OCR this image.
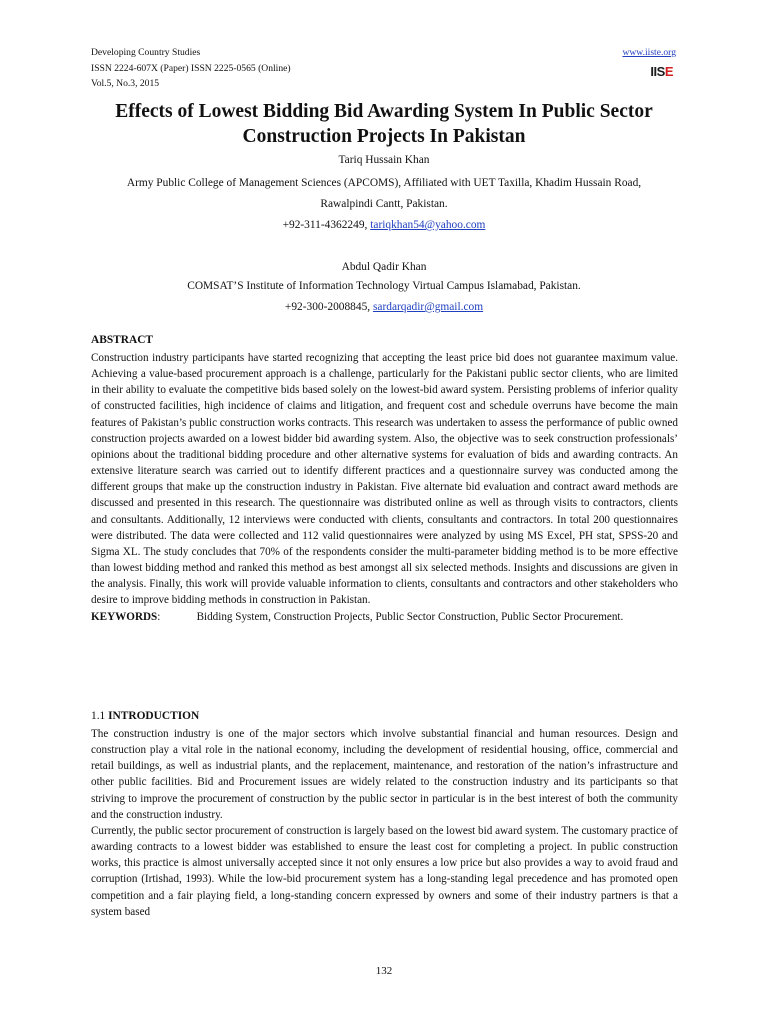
Developing Country Studies
ISSN 2224-607X (Paper) ISSN 2225-0565 (Online)
Vol.5, No.3, 2015
www.iiste.org
IISE
Effects of Lowest Bidding Bid Awarding System In Public Sector Construction Projects In Pakistan
Tariq Hussain Khan
Army Public College of Management Sciences (APCOMS), Affiliated with UET Taxilla, Khadim Hussain Road,
Rawalpindi Cantt, Pakistan.
+92-311-4362249, tariqkhan54@yahoo.com
Abdul Qadir Khan
COMSAT’S Institute of Information Technology Virtual Campus Islamabad, Pakistan.
+92-300-2008845, sardarqadir@gmail.com
ABSTRACT

Construction industry participants have started recognizing that accepting the least price bid does not guarantee maximum value. Achieving a value-based procurement approach is a challenge, particularly for the Pakistani public sector clients, who are limited in their ability to evaluate the competitive bids based solely on the lowest-bid award system. Persisting problems of inferior quality of constructed facilities, high incidence of claims and litigation, and frequent cost and schedule overruns have become the main features of Pakistan’s public construction works contracts. This research was undertaken to assess the performance of public owned construction projects awarded on a lowest bidder bid awarding system. Also, the objective was to seek construction professionals’ opinions about the traditional bidding procedure and other alternative systems for evaluation of bids and awarding contracts. An extensive literature search was carried out to identify different practices and a questionnaire survey was conducted among the different groups that make up the construction industry in Pakistan. Five alternate bid evaluation and contract award methods are discussed and presented in this research. The questionnaire was distributed online as well as through visits to contractors, clients and consultants. Additionally, 12 interviews were conducted with clients, consultants and contractors. In total 200 questionnaires were distributed. The data were collected and 112 valid questionnaires were analyzed by using MS Excel, PH stat, SPSS-20 and Sigma XL. The study concludes that 70% of the respondents consider the multi-parameter bidding method is to be more effective than lowest bidding method and ranked this method as best amongst all six selected methods. Insights and discussions are given in the analysis. Finally, this work will provide valuable information to clients, consultants and contractors and other stakeholders who desire to improve bidding methods in construction in Pakistan.

KEYWORDS:	Bidding System, Construction Projects, Public Sector Construction, Public Sector Procurement.

1.1 INTRODUCTION

The construction industry is one of the major sectors which involve substantial financial and human resources. Design and construction play a vital role in the national economy, including the development of residential housing, office, commercial and retail buildings, as well as industrial plants, and the replacement, maintenance, and restoration of the nation’s infrastructure and other public facilities. Bid and Procurement issues are widely related to the construction industry and its participants so that striving to improve the procurement of construction by the public sector in particular is in the best interest of both the community and the construction industry.

Currently, the public sector procurement of construction is largely based on the lowest bid award system. The customary practice of awarding contracts to a lowest bidder was established to ensure the least cost for completing a project. In public construction works, this practice is almost universally accepted since it not only ensures a low price but also provides a way to avoid fraud and corruption (Irtishad, 1993). While the low-bid procurement system has a long-standing legal precedence and has promoted open competition and a fair playing field, a long-standing concern expressed by owners and some of their industry partners is that a system based

132
